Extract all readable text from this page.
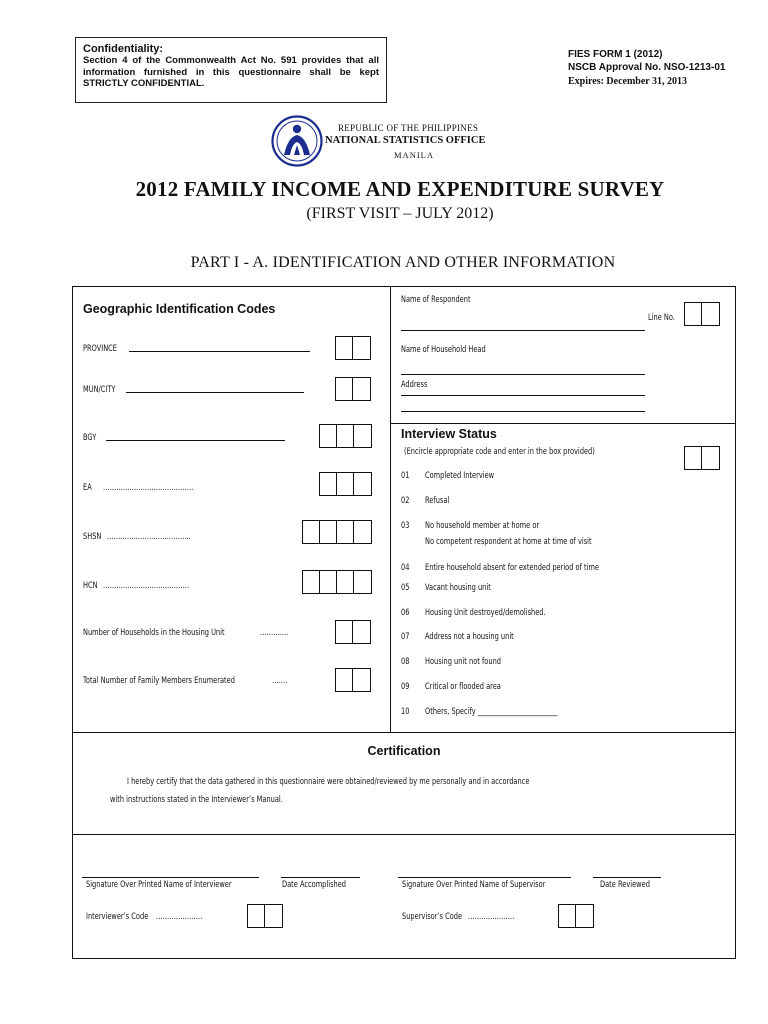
Confidentiality:
Section 4 of the Commonwealth Act No. 591 provides that all information furnished in this questionnaire shall be kept STRICTLY CONFIDENTIAL.
FIES FORM 1 (2012)
NSCB Approval No. NSO-1213-01
Expires: December 31, 2013
REPUBLIC OF THE PHILIPPINES
NATIONAL STATISTICS OFFICE
MANILA
2012 FAMILY INCOME AND EXPENDITURE SURVEY
(FIRST VISIT – JULY 2012)
PART I - A. IDENTIFICATION AND OTHER INFORMATION
Geographic Identification Codes
PROVINCE
MUN/CITY
BGY
EA ………………..…………………
SHSN ………………………………..
HCN …………………………………
Number of Households in the Housing Unit	………....
Total Number of Family Members Enumerated	…….
Name of Respondent
Line No.
Name of Household Head
Address
Interview Status
(Encircle appropriate code and enter in the box provided)
01 Completed Interview
02 Refusal
03 No household member at home or
No competent respondent at home at time of visit
04 Entire household absent for extended period of time
05 Vacant housing unit
06 Housing Unit destroyed/demolished.
07 Address not a housing unit
08 Housing unit not found
09 Critical or flooded area
10 Others, Specify ________________________
Certification
I hereby certify that the data gathered in this questionnaire were obtained/reviewed by me personally and in accordance
with instructions stated in the Interviewer’s Manual.
Signature Over Printed Name of Interviewer	Date Accomplished	Signature Over Printed Name of Supervisor	Date Reviewed
Interviewer’s Code …………………	Supervisor’s Code …………………
